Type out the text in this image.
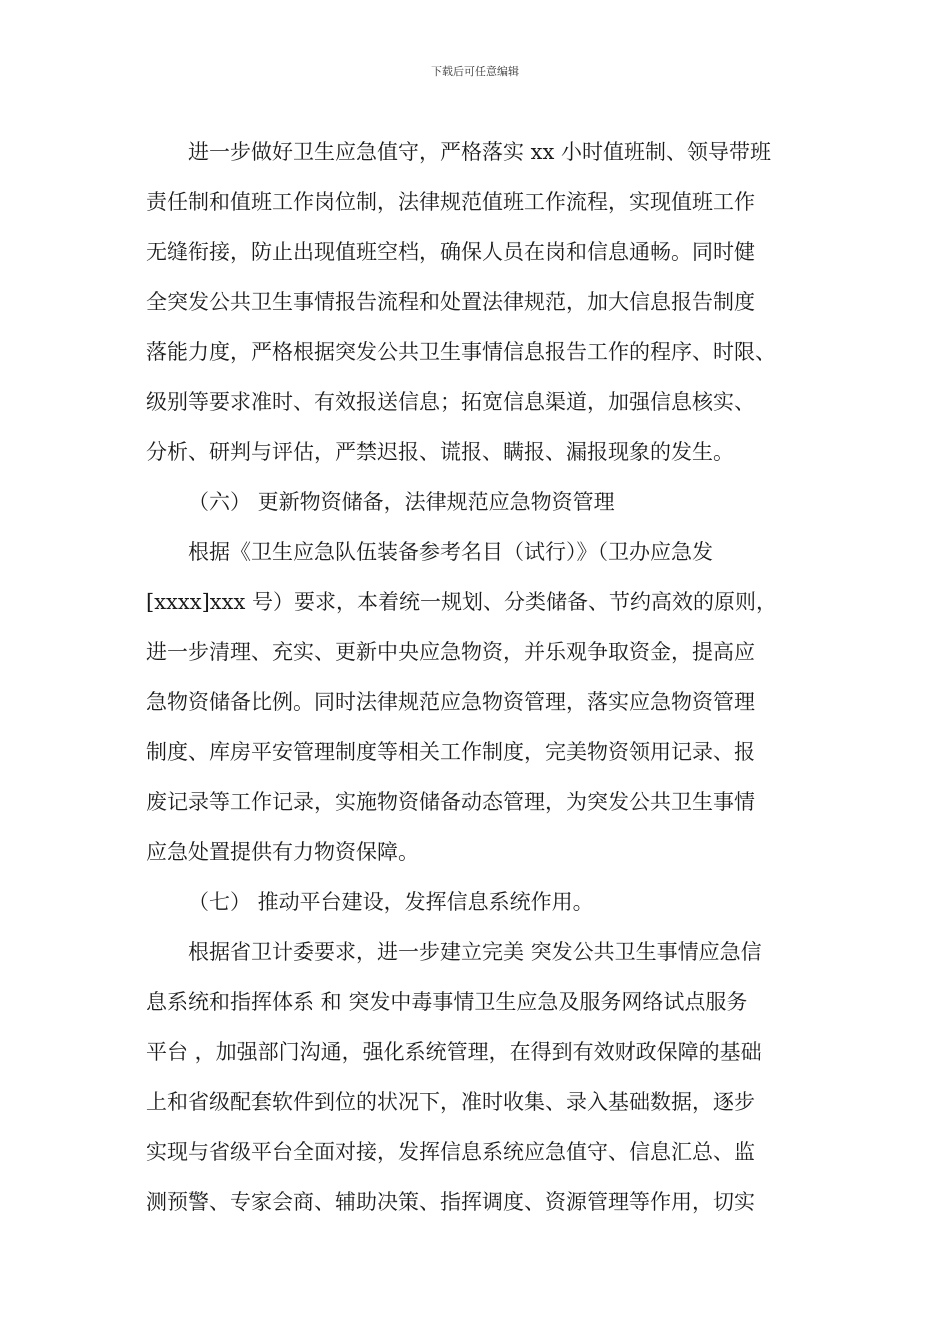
下载后可任意编辑
进一步做好卫生应急值守，严格落实 xx 小时值班制、领导带班
责任制和值班工作岗位制，法律规范值班工作流程，实现值班工作
无缝衔接，防止出现值班空档，确保人员在岗和信息通畅。同时健
全突发公共卫生事情报告流程和处置法律规范，加大信息报告制度
落能力度，严格根据突发公共卫生事情信息报告工作的程序、时限、
级别等要求准时、有效报送信息；拓宽信息渠道，加强信息核实、
分析、研判与评估，严禁迟报、谎报、瞒报、漏报现象的发生。
（六） 更新物资储备，法律规范应急物资管理
根据《卫生应急队伍装备参考名目（试行）》（卫办应急发
[xxxx]xxx 号）要求，本着统一规划、分类储备、节约高效的原则，
进一步清理、充实、更新中央应急物资，并乐观争取资金，提高应
急物资储备比例。同时法律规范应急物资管理，落实应急物资管理
制度、库房平安管理制度等相关工作制度，完美物资领用记录、报
废记录等工作记录，实施物资储备动态管理，为突发公共卫生事情
应急处置提供有力物资保障。
（七） 推动平台建设，发挥信息系统作用。
根据省卫计委要求，进一步建立完美 突发公共卫生事情应急信
息系统和指挥体系 和 突发中毒事情卫生应急及服务网络试点服务
平台 ，加强部门沟通，强化系统管理，在得到有效财政保障的基础
上和省级配套软件到位的状况下，准时收集、录入基础数据，逐步
实现与省级平台全面对接，发挥信息系统应急值守、信息汇总、监
测预警、专家会商、辅助决策、指挥调度、资源管理等作用，切实
